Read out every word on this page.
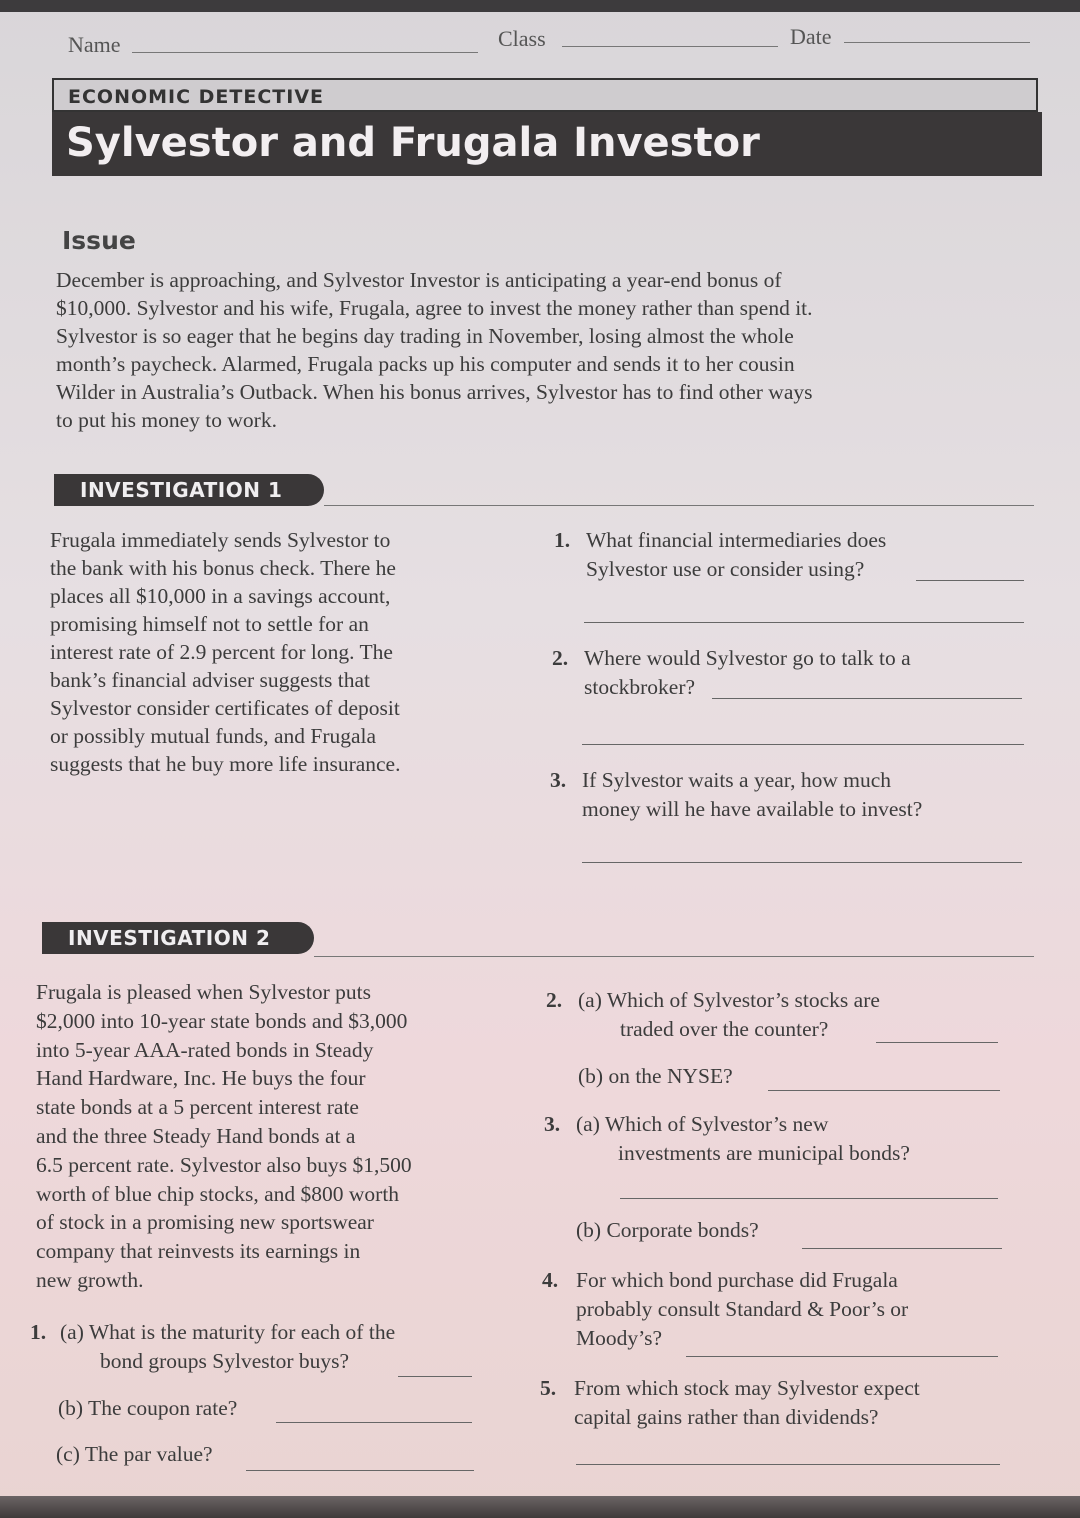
Name	Class	Date
ECONOMIC DETECTIVE
Sylvestor and Frugala Investor
Issue
December is approaching, and Sylvestor Investor is anticipating a year-end bonus of
$10,000. Sylvestor and his wife, Frugala, agree to invest the money rather than spend it.
Sylvestor is so eager that he begins day trading in November, losing almost the whole
month’s paycheck. Alarmed, Frugala packs up his computer and sends it to her cousin
Wilder in Australia’s Outback. When his bonus arrives, Sylvestor has to find other ways
to put his money to work.
INVESTIGATION 1
Frugala immediately sends Sylvestor to
the bank with his bonus check. There he
places all $10,000 in a savings account,
promising himself not to settle for an
interest rate of 2.9 percent for long. The
bank’s financial adviser suggests that
Sylvestor consider certificates of deposit
or possibly mutual funds, and Frugala
suggests that he buy more life insurance.
1. What financial intermediaries does
Sylvestor use or consider using?
2. Where would Sylvestor go to talk to a
stockbroker?
3. If Sylvestor waits a year, how much
money will he have available to invest?
INVESTIGATION 2
Frugala is pleased when Sylvestor puts
$2,000 into 10-year state bonds and $3,000
into 5-year AAA-rated bonds in Steady
Hand Hardware, Inc. He buys the four
state bonds at a 5 percent interest rate
and the three Steady Hand bonds at a
6.5 percent rate. Sylvestor also buys $1,500
worth of blue chip stocks, and $800 worth
of stock in a promising new sportswear
company that reinvests its earnings in
new growth.
1. (a) What is the maturity for each of the
bond groups Sylvestor buys?
(b) The coupon rate?
(c) The par value?
2. (a) Which of Sylvestor’s stocks are
traded over the counter?
(b) on the NYSE?
3. (a) Which of Sylvestor’s new
investments are municipal bonds?
(b) Corporate bonds?
4. For which bond purchase did Frugala
probably consult Standard & Poor’s or
Moody’s?
5. From which stock may Sylvestor expect
capital gains rather than dividends?
